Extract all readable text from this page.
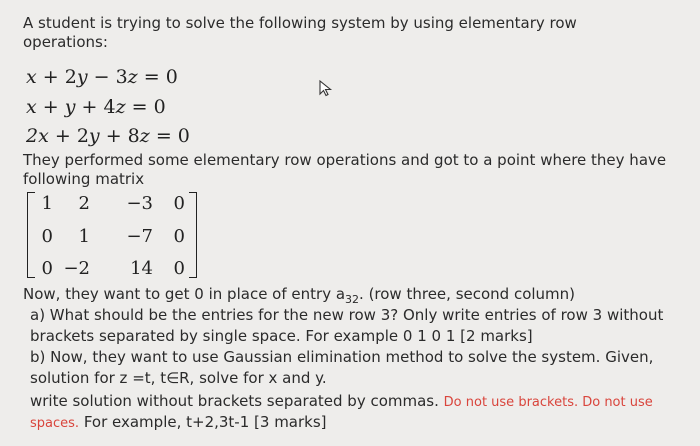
A student is trying to solve the following system by using elementary row
operations:
x + 2y − 3z = 0
x + y + 4z = 0
2x + 2y + 8z = 0
They performed some elementary row operations and got to a point where they have
following matrix
1	2	−3	0
0	1	−7	0
0 −2	14	0
Now, they want to get 0 in place of entry $a_{32}$. (row three, second column)
a) What should be the entries for the new row 3? Only write entries of row 3 without
brackets separated by single space. For example 0 1 0 1 [2 marks]
b) Now, they want to use Gaussian elimination method to solve the system. Given,
solution for z =t, t∈R, solve for x and y.
write solution without brackets separated by commas. Do not use brackets. Do not use
spaces. For example, t+2,3t-1 [3 marks]
